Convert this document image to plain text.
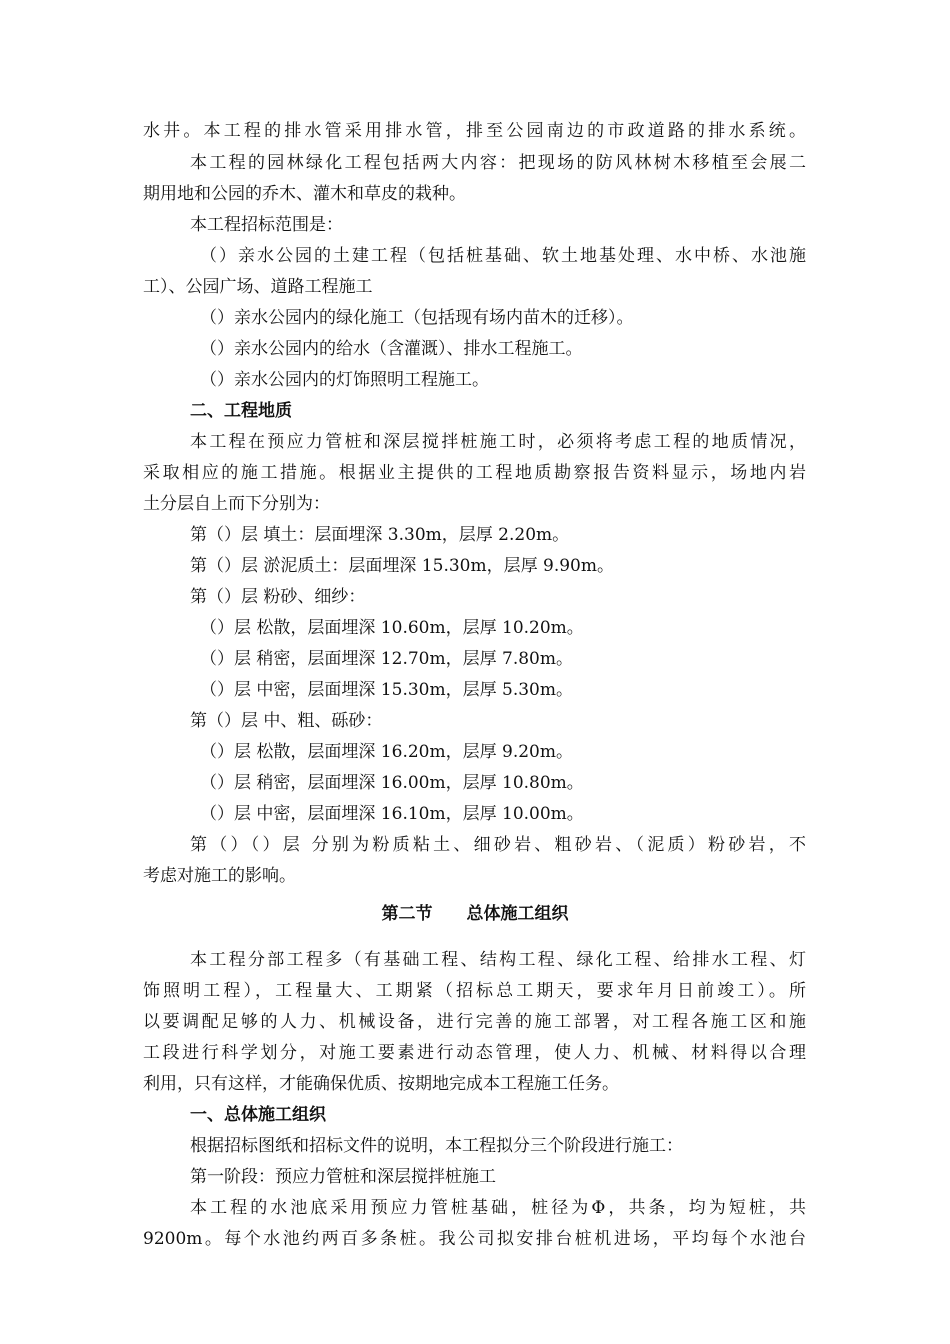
水井。本工程的排水管采用排水管，排至公园南边的市政道路的排水系统。
本工程的园林绿化工程包括两大内容：把现场的防风林树木移植至会展二
期用地和公园的乔木、灌木和草皮的栽种。
本工程招标范围是：
（）亲水公园的土建工程（包括桩基础、软土地基处理、水中桥、水池施
工）、公园广场、道路工程施工
（）亲水公园内的绿化施工（包括现有场内苗木的迁移）。
（）亲水公园内的给水（含灌溉）、排水工程施工。
（）亲水公园内的灯饰照明工程施工。
二、工程地质
本工程在预应力管桩和深层搅拌桩施工时，必须将考虑工程的地质情况，
采取相应的施工措施。根据业主提供的工程地质勘察报告资料显示，场地内岩
土分层自上而下分别为：
第（）层 填土：层面埋深 3.30m，层厚 2.20m。
第（）层 淤泥质土：层面埋深 15.30m，层厚 9.90m。
第（）层 粉砂、细纱：
（）层 松散，层面埋深 10.60m，层厚 10.20m。
（）层 稍密，层面埋深 12.70m，层厚 7.80m。
（）层 中密，层面埋深 15.30m，层厚 5.30m。
第（）层 中、粗、砾砂：
（）层 松散，层面埋深 16.20m，层厚 9.20m。
（）层 稍密，层面埋深 16.00m，层厚 10.80m。
（）层 中密，层面埋深 16.10m，层厚 10.00m。
第（）（）层 分别为粉质粘土、细砂岩、粗砂岩、（泥质）粉砂岩，不
考虑对施工的影响。
第二节　　总体施工组织
本工程分部工程多（有基础工程、结构工程、绿化工程、给排水工程、灯
饰照明工程），工程量大、工期紧（招标总工期天，要求年月日前竣工）。所
以要调配足够的人力、机械设备，进行完善的施工部署，对工程各施工区和施
工段进行科学划分，对施工要素进行动态管理，使人力、机械、材料得以合理
利用，只有这样，才能确保优质、按期地完成本工程施工任务。
一、总体施工组织
根据招标图纸和招标文件的说明，本工程拟分三个阶段进行施工：
第一阶段：预应力管桩和深层搅拌桩施工
本工程的水池底采用预应力管桩基础，桩径为Φ，共条，均为短桩，共
9200m。每个水池约两百多条桩。我公司拟安排台桩机进场，平均每个水池台
